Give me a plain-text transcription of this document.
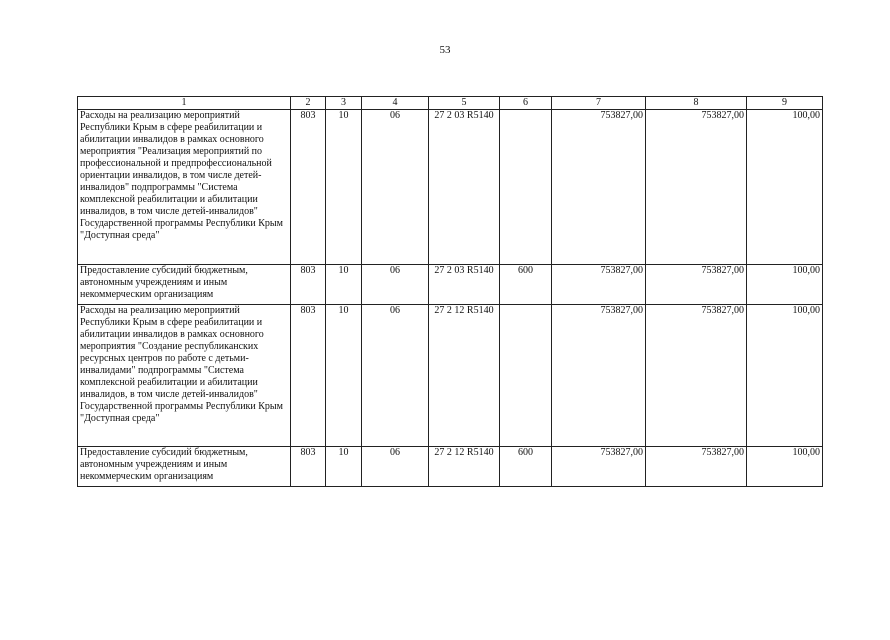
53
1	2	3	4	5	6	7	8	9
Расходы на реализацию мероприятий Республики Крым в сфере реабилитации и абилитации инвалидов в рамках основного мероприятия "Реализация мероприятий по профессиональной и предпрофессиональной ориентации инвалидов, в том числе детей-инвалидов" подпрограммы "Система комплексной реабилитации и абилитации инвалидов, в том числе детей-инвалидов" Государственной программы Республики Крым "Доступная среда"	803	10	06	27 2 03 R5140		753827,00	753827,00	100,00
Предоставление субсидий бюджетным, автономным учреждениям и иным некоммерческим организациям	803	10	06	27 2 03 R5140	600	753827,00	753827,00	100,00
Расходы на реализацию мероприятий Республики Крым в сфере реабилитации и абилитации инвалидов в рамках основного мероприятия "Создание республиканских ресурсных центров по работе с детьми-инвалидами" подпрограммы "Система комплексной реабилитации и абилитации инвалидов, в том числе детей-инвалидов" Государственной программы Республики Крым "Доступная среда"	803	10	06	27 2 12 R5140		753827,00	753827,00	100,00
Предоставление субсидий бюджетным, автономным учреждениям и иным некоммерческим организациям	803	10	06	27 2 12 R5140	600	753827,00	753827,00	100,00
